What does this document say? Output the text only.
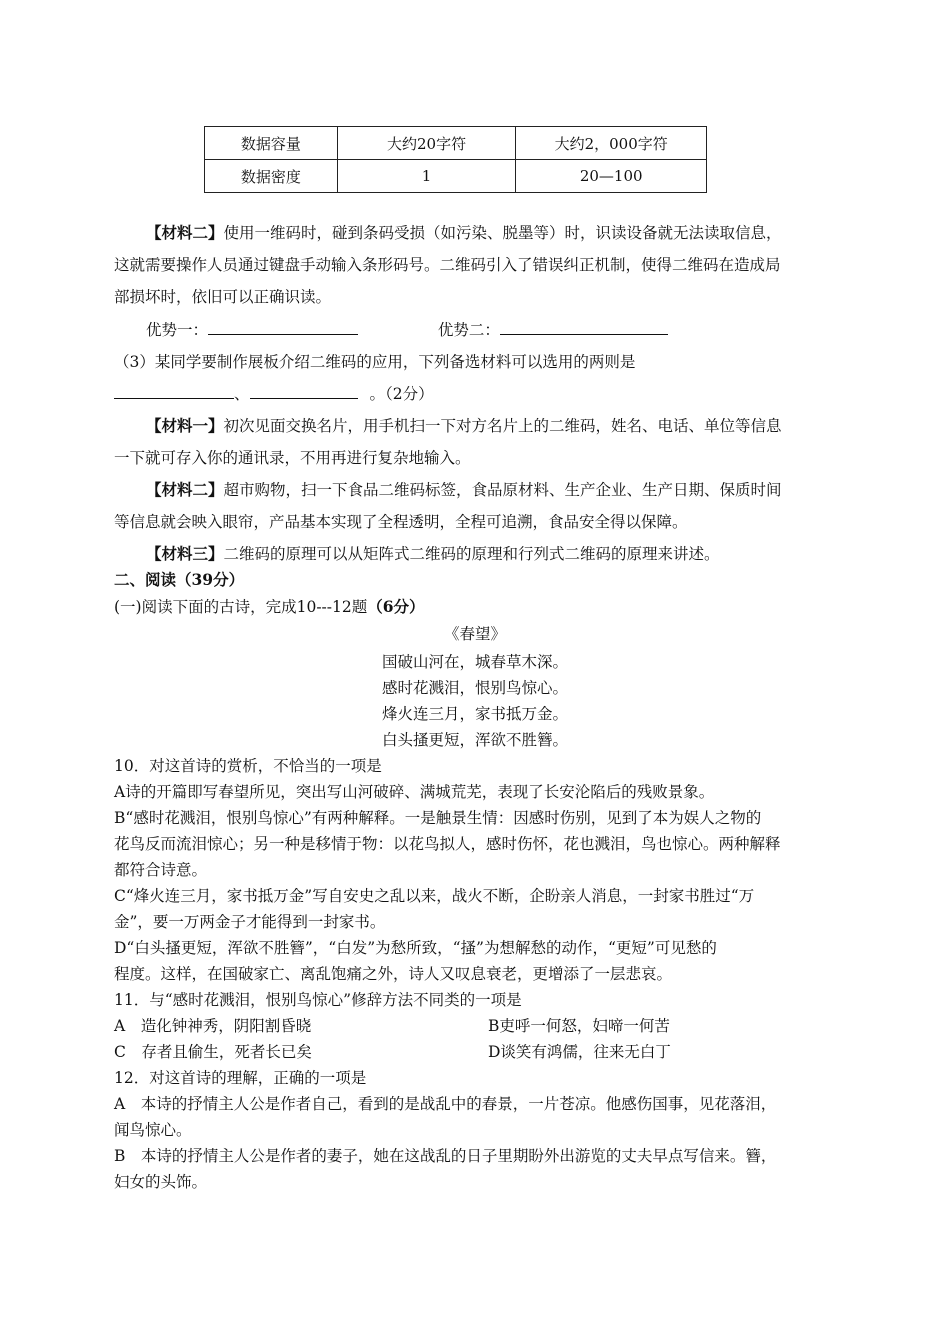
数据容量	大约20字符	大约2，000字符
数据密度	1	20—100
【材料二】使用一维码时，碰到条码受损（如污染、脱墨等）时，识读设备就无法读取信息，
这就需要操作人员通过键盘手动输入条形码号。二维码引入了错误纠正机制，使得二维码在造成局
部损坏时，依旧可以正确识读。
优势一：	优势二：
（3）某同学要制作展板介绍二维码的应用，下列备选材料可以选用的两则是
、	。（2分）
【材料一】初次见面交换名片，用手机扫一下对方名片上的二维码，姓名、电话、单位等信息
一下就可存入你的通讯录，不用再进行复杂地输入。
【材料二】超市购物，扫一下食品二维码标签，食品原材料、生产企业、生产日期、保质时间
等信息就会映入眼帘，产品基本实现了全程透明，全程可追溯，食品安全得以保障。
【材料三】二维码的原理可以从矩阵式二维码的原理和行列式二维码的原理来讲述。
二、阅读（39分）
(一)阅读下面的古诗，完成10---12题（6分）
《春望》
国破山河在，城春草木深。
感时花溅泪，恨别鸟惊心。
烽火连三月，家书抵万金。
白头搔更短，浑欲不胜簪。
10．对这首诗的赏析，不恰当的一项是
A诗的开篇即写春望所见，突出写山河破碎、满城荒芜，表现了长安沦陷后的残败景象。
B“感时花溅泪，恨别鸟惊心”有两种解释。一是触景生情：因感时伤别，见到了本为娱人之物的
花鸟反而流泪惊心；另一种是移情于物：以花鸟拟人，感时伤怀，花也溅泪，鸟也惊心。两种解释
都符合诗意。
C“烽火连三月，家书抵万金”写自安史之乱以来，战火不断，企盼亲人消息，一封家书胜过“万
金”，要一万两金子才能得到一封家书。
D“白头搔更短，浑欲不胜簪”，“白发”为愁所致，“搔”为想解愁的动作，“更短”可见愁的
程度。这样，在国破家亡、离乱饱痛之外，诗人又叹息衰老，更增添了一层悲哀。
11．与“感时花溅泪，恨别鸟惊心”修辞方法不同类的一项是
A　造化钟神秀，阴阳割昏晓	B吏呼一何怒，妇啼一何苦
C　存者且偷生，死者长已矣	D谈笑有鸿儒，往来无白丁
12．对这首诗的理解，正确的一项是
A　本诗的抒情主人公是作者自己，看到的是战乱中的春景，一片苍凉。他感伤国事，见花落泪，
闻鸟惊心。
B　本诗的抒情主人公是作者的妻子，她在这战乱的日子里期盼外出游览的丈夫早点写信来。簪，
妇女的头饰。
